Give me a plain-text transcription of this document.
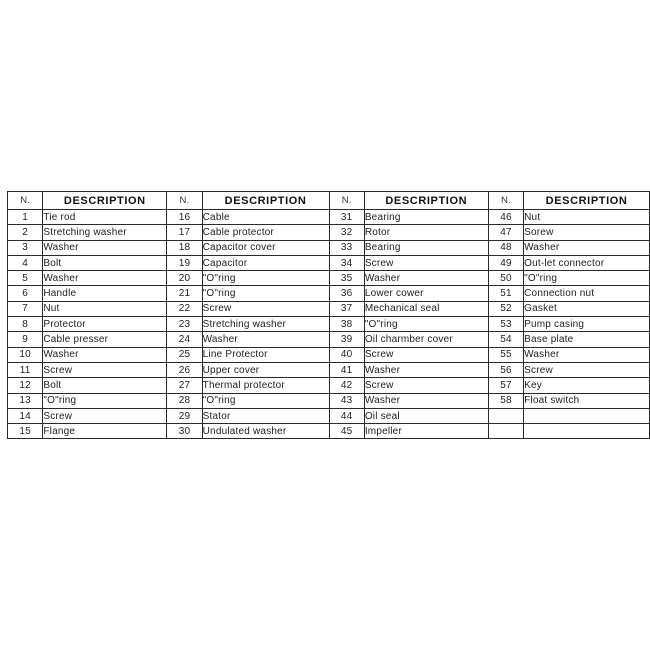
N.	DESCRIPTION
1	Tie rod
2	Stretching washer
3	Washer
4	Bolt
5	Washer
6	Handle
7	Nut
8	Protector
9	Cable presser
10	Washer
11	Screw
12	Bolt
13	"O"ring
14	Screw
15	Flange
N.	DESCRIPTION
16	Cable
17	Cable protector
18	Capacitor cover
19	Capacitor
20	"O"ring
21	"O"ring
22	Screw
23	Stretching washer
24	Washer
25	Line Protector
26	Upper cover
27	Thermal protector
28	"O"ring
29	Stator
30	Undulated washer
N.	DESCRIPTION
31	Bearing
32	Rotor
33	Bearing
34	Screw
35	Washer
36	Lower cower
37	Mechanical seal
38	"O"ring
39	Oil charmber cover
40	Screw
41	Washer
42	Screw
43	Washer
44	Oil seal
45	Impeller
N.	DESCRIPTION
46	Nut
47	Sorew
48	Washer
49	Out-let connector
50	"O"ring
51	Connection nut
52	Gasket
53	Pump casing
54	Base plate
55	Washer
56	Screw
57	Key
58	Float switch
